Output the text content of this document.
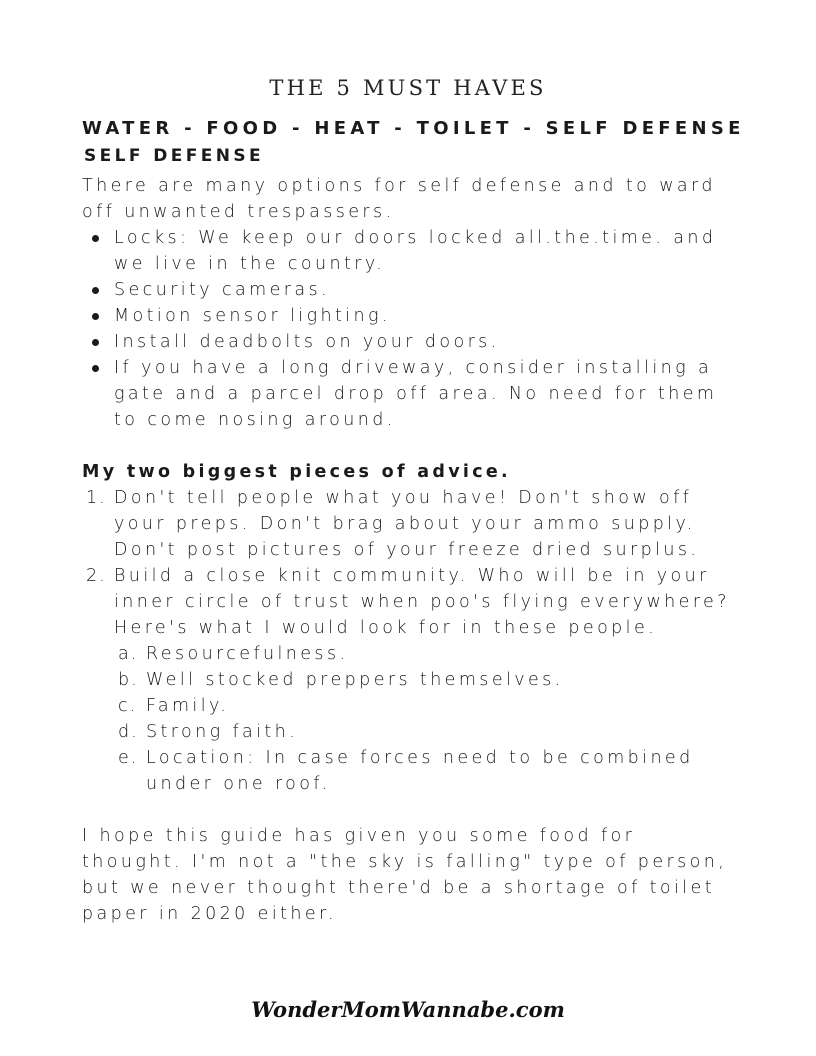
THE 5 MUST HAVES
WATER - FOOD - HEAT - TOILET - SELF DEFENSE
SELF DEFENSE

There are many options for self defense and to ward off unwanted trespassers.

Locks: We keep our doors locked all.the.time. and we live in the country.
Security cameras.
Motion sensor lighting.
Install deadbolts on your doors.
If you have a long driveway, consider installing a gate and a parcel drop off area. No need for them to come nosing around.

My two biggest pieces of advice.

1. Don't tell people what you have! Don't show off your preps. Don't brag about your ammo supply. Don't post pictures of your freeze dried surplus.
2. Build a close knit community. Who will be in your inner circle of trust when poo's flying everywhere? Here's what I would look for in these people.
a. Resourcefulness.
b. Well stocked preppers themselves.
c. Family.
d. Strong faith.
e. Location: In case forces need to be combined under one roof.

I hope this guide has given you some food for thought. I'm not a "the sky is falling" type of person, but we never thought there'd be a shortage of toilet paper in 2020 either.

WonderMomWannabe.com
